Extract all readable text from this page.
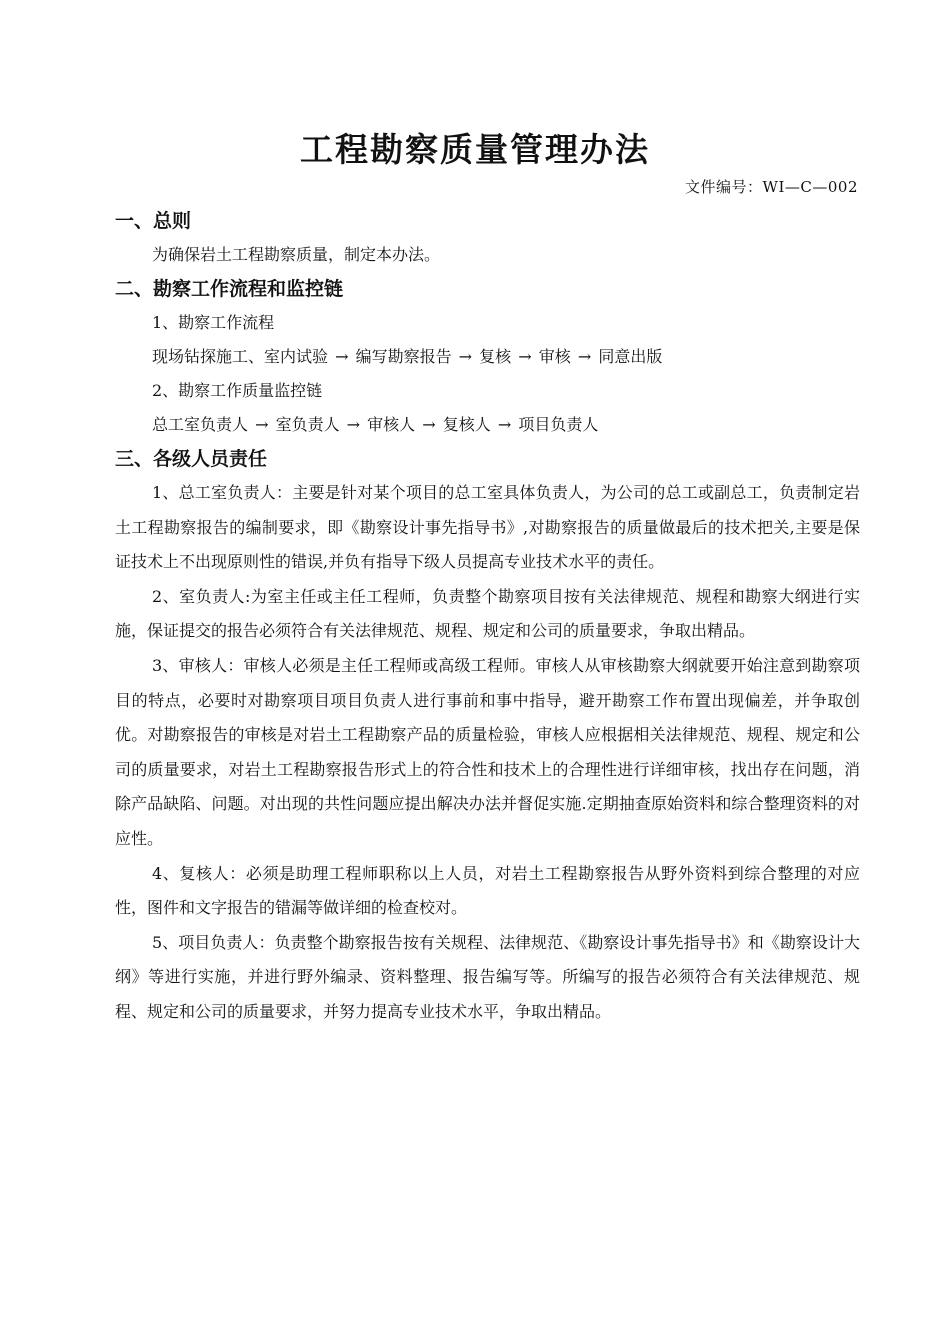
工程勘察质量管理办法
文件编号：WI—C—002
一、总则
为确保岩土工程勘察质量，制定本办法。
二、勘察工作流程和监控链
1、勘察工作流程
现场钻探施工、室内试验 → 编写勘察报告 → 复核 → 审核 → 同意出版
2、勘察工作质量监控链
总工室负责人 → 室负责人 → 审核人 → 复核人 → 项目负责人
三、各级人员责任

1、总工室负责人：主要是针对某个项目的总工室具体负责人，为公司的总工或副总工，负责制定岩土工程勘察报告的编制要求，即《勘察设计事先指导书》,对勘察报告的质量做最后的技术把关,主要是保证技术上不出现原则性的错误,并负有指导下级人员提高专业技术水平的责任。

2、室负责人:为室主任或主任工程师，负责整个勘察项目按有关法律规范、规程和勘察大纲进行实施，保证提交的报告必须符合有关法律规范、规程、规定和公司的质量要求，争取出精品。

3、审核人：审核人必须是主任工程师或高级工程师。审核人从审核勘察大纲就要开始注意到勘察项目的特点，必要时对勘察项目项目负责人进行事前和事中指导，避开勘察工作布置出现偏差，并争取创优。对勘察报告的审核是对岩土工程勘察产品的质量检验，审核人应根据相关法律规范、规程、规定和公司的质量要求，对岩土工程勘察报告形式上的符合性和技术上的合理性进行详细审核，找出存在问题，消除产品缺陷、问题。对出现的共性问题应提出解决办法并督促实施.定期抽查原始资料和综合整理资料的对应性。

4、复核人：必须是助理工程师职称以上人员，对岩土工程勘察报告从野外资料到综合整理的对应性，图件和文字报告的错漏等做详细的检查校对。

5、项目负责人：负责整个勘察报告按有关规程、法律规范、《勘察设计事先指导书》和《勘察设计大纲》等进行实施，并进行野外编录、资料整理、报告编写等。所编写的报告必须符合有关法律规范、规程、规定和公司的质量要求，并努力提高专业技术水平，争取出精品。
